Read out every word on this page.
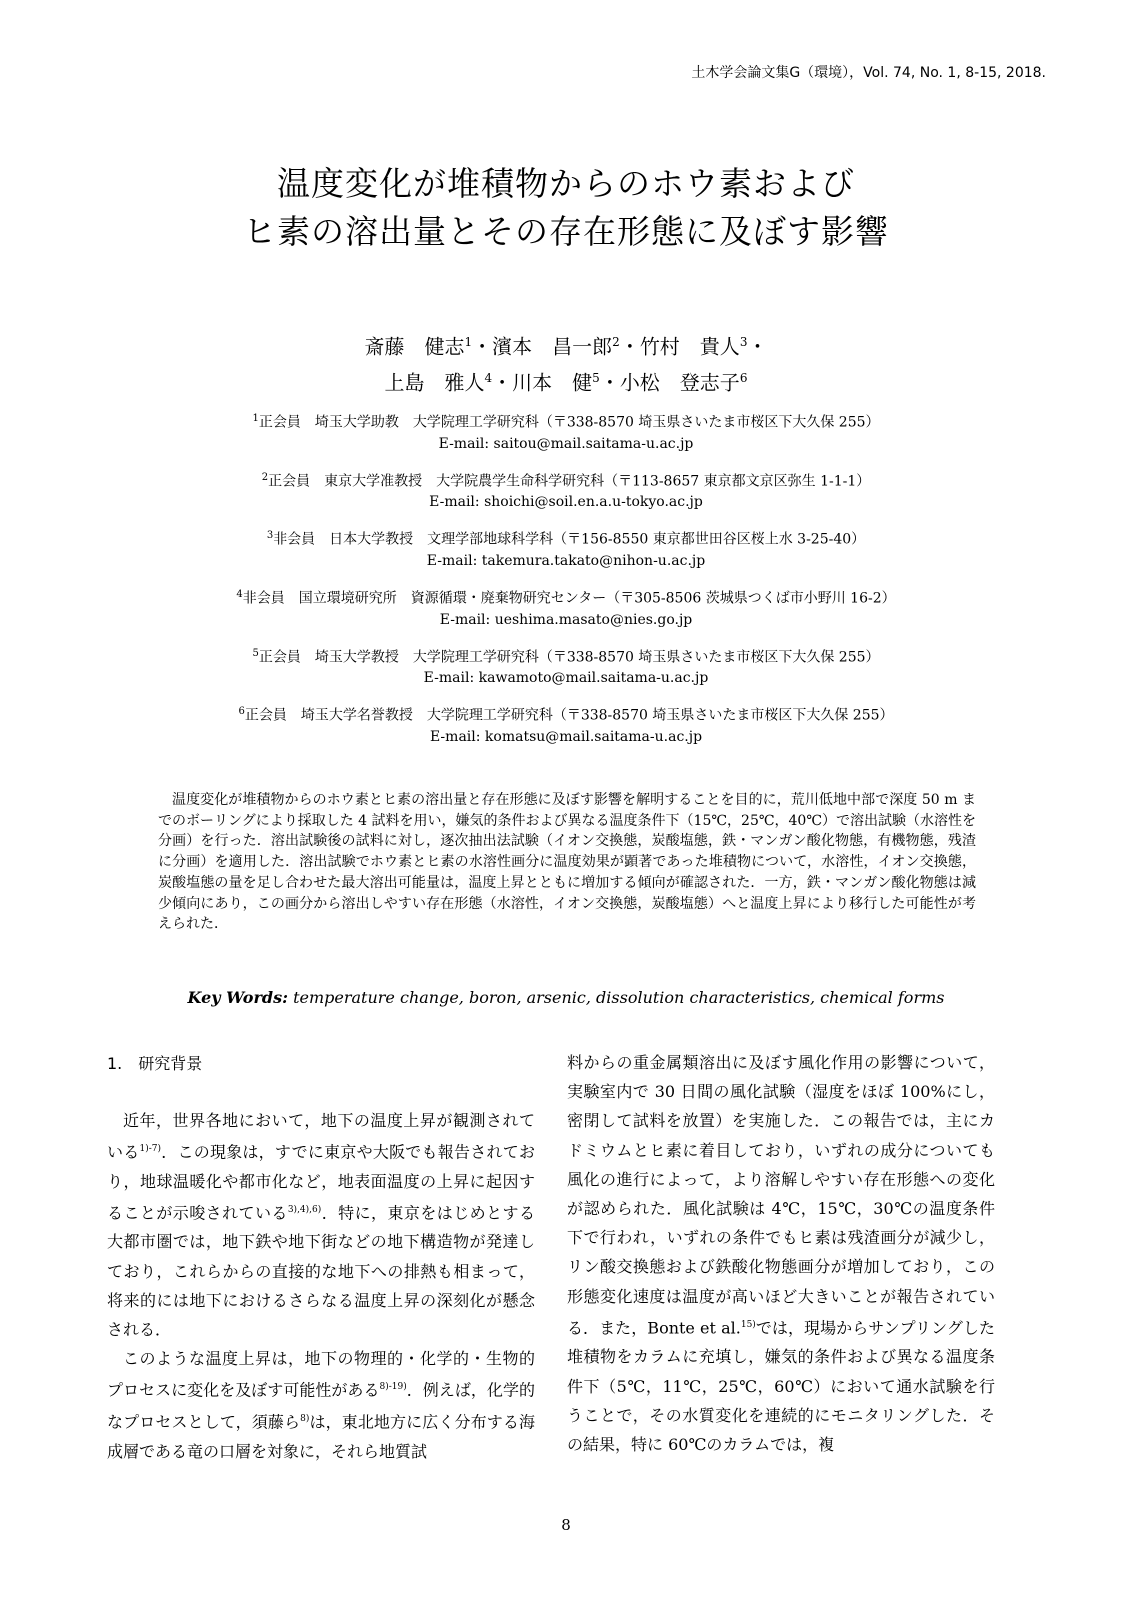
土木学会論文集G（環境），Vol. 74, No. 1, 8-15, 2018.
温度変化が堆積物からのホウ素および
ヒ素の溶出量とその存在形態に及ぼす影響
斎藤　健志$^1$・濱本　昌一郎$^2$・竹村　貴人$^3$・
上島　雅人$^4$・川本　健$^5$・小松　登志子$^6$
$^1$正会員　埼玉大学助教　大学院理工学研究科（〒338-8570 埼玉県さいたま市桜区下大久保 255）
E-mail: saitou@mail.saitama-u.ac.jp
$^2$正会員　東京大学准教授　大学院農学生命科学研究科（〒113-8657 東京都文京区弥生 1-1-1）
E-mail: shoichi@soil.en.a.u-tokyo.ac.jp
$^3$非会員　日本大学教授　文理学部地球科学科（〒156-8550 東京都世田谷区桜上水 3-25-40）
E-mail: takemura.takato@nihon-u.ac.jp
$^4$非会員　国立環境研究所　資源循環・廃棄物研究センター（〒305-8506 茨城県つくば市小野川 16-2）
E-mail: ueshima.masato@nies.go.jp
$^5$正会員　埼玉大学教授　大学院理工学研究科（〒338-8570 埼玉県さいたま市桜区下大久保 255）
E-mail: kawamoto@mail.saitama-u.ac.jp
$^6$正会員　埼玉大学名誉教授　大学院理工学研究科（〒338-8570 埼玉県さいたま市桜区下大久保 255）
E-mail: komatsu@mail.saitama-u.ac.jp

温度変化が堆積物からのホウ素とヒ素の溶出量と存在形態に及ぼす影響を解明することを目的に，荒川低地中部で深度 50 m までのボーリングにより採取した 4 試料を用い，嫌気的条件および異なる温度条件下（15℃，25℃，40℃）で溶出試験（水溶性を分画）を行った．溶出試験後の試料に対し，逐次抽出法試験（イオン交換態，炭酸塩態，鉄・マンガン酸化物態，有機物態，残渣に分画）を適用した．溶出試験でホウ素とヒ素の水溶性画分に温度効果が顕著であった堆積物について，水溶性，イオン交換態，炭酸塩態の量を足し合わせた最大溶出可能量は，温度上昇とともに増加する傾向が確認された．一方，鉄・マンガン酸化物態は減少傾向にあり，この画分から溶出しやすい存在形態（水溶性，イオン交換態，炭酸塩態）へと温度上昇により移行した可能性が考えられた．

Key Words: temperature change, boron, arsenic, dissolution characteristics, chemical forms
1.　研究背景

近年，世界各地において，地下の温度上昇が観測されている$^{1)-7)}$．この現象は，すでに東京や大阪でも報告されており，地球温暖化や都市化など，地表面温度の上昇に起因することが示唆されている$^{3),4),6)}$．特に，東京をはじめとする大都市圏では，地下鉄や地下街などの地下構造物が発達しており，これらからの直接的な地下への排熱も相まって，将来的には地下におけるさらなる温度上昇の深刻化が懸念される．

このような温度上昇は，地下の物理的・化学的・生物的プロセスに変化を及ぼす可能性がある$^{8)-19)}$．例えば，化学的なプロセスとして，須藤ら$^{8)}$は，東北地方に広く分布する海成層である竜の口層を対象に，それら地質試

料からの重金属類溶出に及ぼす風化作用の影響について，実験室内で 30 日間の風化試験（湿度をほぼ 100%にし，密閉して試料を放置）を実施した．この報告では，主にカドミウムとヒ素に着目しており，いずれの成分についても風化の進行によって，より溶解しやすい存在形態への変化が認められた．風化試験は 4℃，15℃，30℃の温度条件下で行われ，いずれの条件でもヒ素は残渣画分が減少し，リン酸交換態および鉄酸化物態画分が増加しており，この形態変化速度は温度が高いほど大きいことが報告されている．また，Bonte et al.$^{15)}$では，現場からサンプリングした堆積物をカラムに充填し，嫌気的条件および異なる温度条件下（5℃，11℃，25℃，60℃）において通水試験を行うことで，その水質変化を連続的にモニタリングした．その結果，特に 60℃のカラムでは，複

8
